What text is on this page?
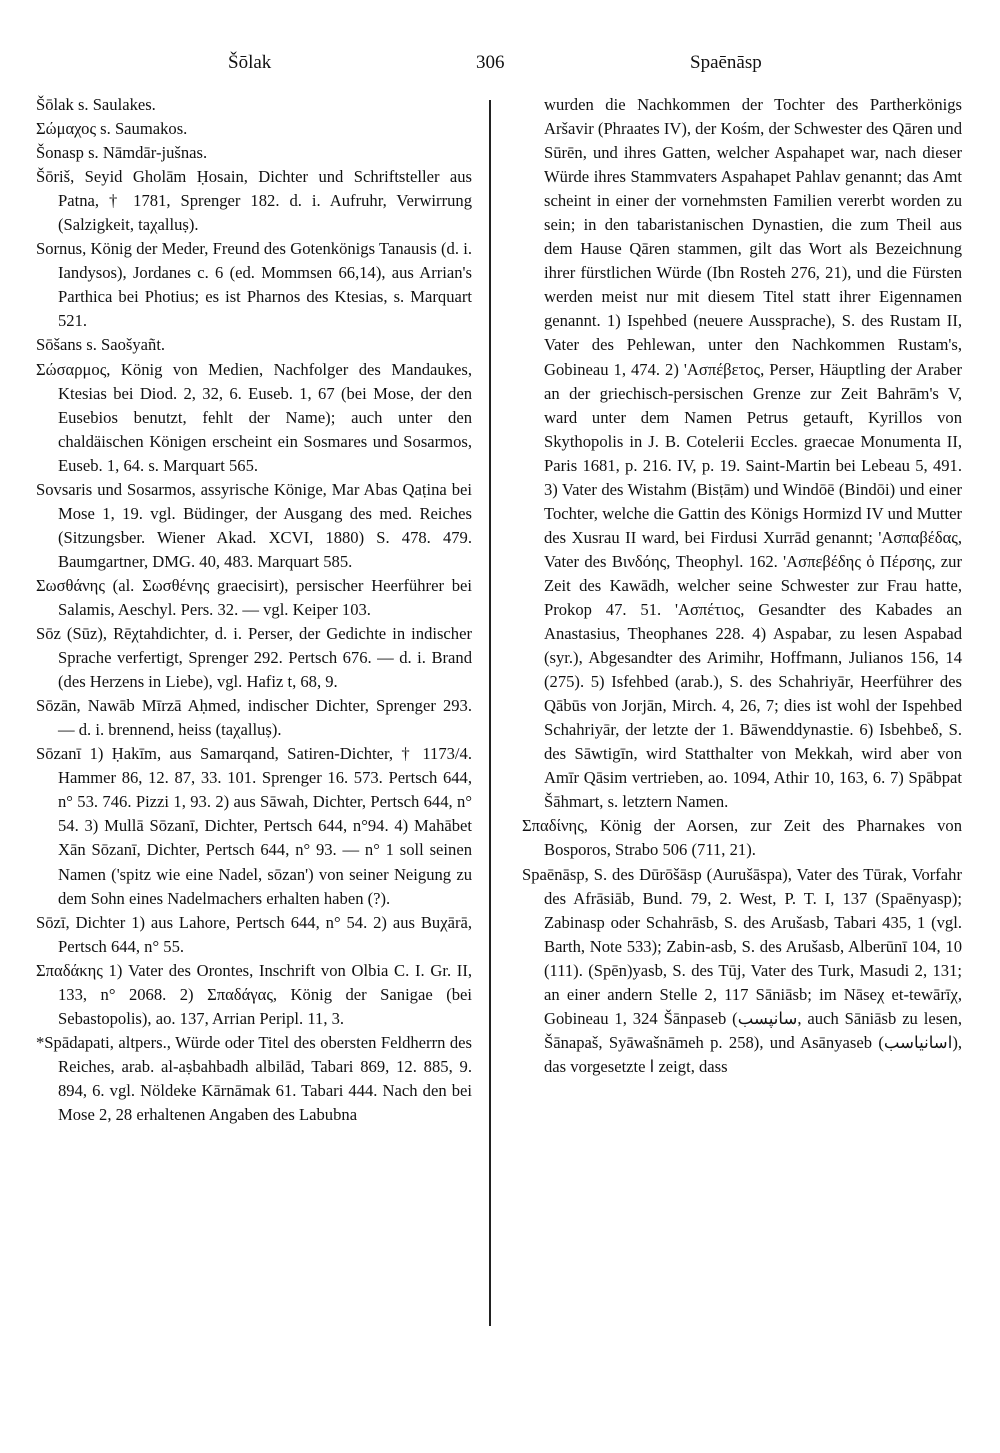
Šōlak	306	Spaēnāsp

Šōlak s. Saulakes.

Σώμαχος s. Saumakos.

Šonasp s. Nāmdār-jušnas.

Šōriš, Seyid Gholām Ḥosain, Dichter und Schriftsteller aus Patna, † 1781, Sprenger 182. d. i. Aufruhr, Verwirrung (Salzigkeit, taχalluṣ).

Sornus, König der Meder, Freund des Gotenkönigs Tanausis (d. i. Iandysos), Jordanes c. 6 (ed. Mommsen 66,14), aus Arrian's Parthica bei Photius; es ist Pharnos des Ktesias, s. Marquart 521.

Sōšans s. Saošyañt.

Σώσαρμος, König von Medien, Nachfolger des Mandaukes, Ktesias bei Diod. 2, 32, 6. Euseb. 1, 67 (bei Mose, der den Eusebios benutzt, fehlt der Name); auch unter den chaldäischen Königen erscheint ein Sosmares und Sosarmos, Euseb. 1, 64. s. Marquart 565.

Sovsaris und Sosarmos, assyrische Könige, Mar Abas Qaṭina bei Mose 1, 19. vgl. Büdinger, der Ausgang des med. Reiches (Sitzungsber. Wiener Akad. XCVI, 1880) S. 478. 479. Baumgartner, DMG. 40, 483. Marquart 585.

Σωσθάνης (al. Σωσθένης graecisirt), persischer Heerführer bei Salamis, Aeschyl. Pers. 32. — vgl. Keiper 103.

Sōz (Sūz), Rēχtahdichter, d. i. Perser, der Gedichte in indischer Sprache verfertigt, Sprenger 292. Pertsch 676. — d. i. Brand (des Herzens in Liebe), vgl. Hafiz t, 68, 9.

Sōzān, Nawāb Mīrzā Aḥmed, indischer Dichter, Sprenger 293. — d. i. brennend, heiss (taχalluṣ).

Sōzanī 1) Ḥakīm, aus Samarqand, Satiren-Dichter, † 1173/4. Hammer 86, 12. 87, 33. 101. Sprenger 16. 573. Pertsch 644, n° 53. 746. Pizzi 1, 93. 2) aus Sāwah, Dichter, Pertsch 644, n° 54. 3) Mullā Sōzanī, Dichter, Pertsch 644, n°94. 4) Mahābet Xān Sōzanī, Dichter, Pertsch 644, n° 93. — n° 1 soll seinen Namen ('spitz wie eine Nadel, sōzan') von seiner Neigung zu dem Sohn eines Nadelmachers erhalten haben (?).

Sōzī, Dichter 1) aus Lahore, Pertsch 644, n° 54. 2) aus Buχārā, Pertsch 644, n° 55.

Σπαδάκης 1) Vater des Orontes, Inschrift von Olbia C. I. Gr. II, 133, n° 2068. 2) Σπαδάγας, König der Sanigae (bei Sebastopolis), ao. 137, Arrian Peripl. 11, 3.

*Spādapati, altpers., Würde oder Titel des obersten Feldherrn des Reiches, arab. al-aṣbahbadh albilād, Tabari 869, 12. 885, 9. 894, 6. vgl. Nöldeke Kārnāmak 61. Tabari 444. Nach den bei Mose 2, 28 erhaltenen Angaben des Labubna

wurden die Nachkommen der Tochter des Partherkönigs Aršavir (Phraates IV), der Kośm, der Schwester des Qāren und Sūrēn, und ihres Gatten, welcher Aspahapet war, nach dieser Würde ihres Stammvaters Aspahapet Pahlav genannt; das Amt scheint in einer der vornehmsten Familien vererbt worden zu sein; in den tabaristanischen Dynastien, die zum Theil aus dem Hause Qāren stammen, gilt das Wort als Bezeichnung ihrer fürstlichen Würde (Ibn Rosteh 276, 21), und die Fürsten werden meist nur mit diesem Titel statt ihrer Eigennamen genannt. 1) Ispehbed (neuere Aussprache), S. des Rustam II, Vater des Pehlewan, unter den Nachkommen Rustam's, Gobineau 1, 474. 2) 'Ασπέβετος, Perser, Häuptling der Araber an der griechisch-persischen Grenze zur Zeit Bahrām's V, ward unter dem Namen Petrus getauft, Kyrillos von Skythopolis in J. B. Cotelerii Eccles. graecae Monumenta II, Paris 1681, p. 216. IV, p. 19. Saint-Martin bei Lebeau 5, 491. 3) Vater des Wistahm (Bisṭām) und Windōē (Bindōi) und einer Tochter, welche die Gattin des Königs Hormizd IV und Mutter des Xusrau II ward, bei Firdusi Xurrād genannt; 'Ασπαβέδας, Vater des Βινδόης, Theophyl. 162. 'Ασπεβέδης ὁ Πέρσης, zur Zeit des Kawādh, welcher seine Schwester zur Frau hatte, Prokop 47. 51. 'Ασπέτιος, Gesandter des Kabades an Anastasius, Theophanes 228. 4) Aspabar, zu lesen Aspabad (syr.), Abgesandter des Arimihr, Hoffmann, Julianos 156, 14 (275). 5) Isfehbed (arab.), S. des Schahriyār, Heerführer des Qābūs von Jorjān, Mirch. 4, 26, 7; dies ist wohl der Ispehbed Schahriyār, der letzte der 1. Bāwenddynastie. 6) Isbehbeδ, S. des Sāwtigīn, wird Statthalter von Mekkah, wird aber von Amīr Qāsim vertrieben, ao. 1094, Athir 10, 163, 6. 7) Spābpat Šāhmart, s. letztern Namen.

Σπαδίνης, König der Aorsen, zur Zeit des Pharnakes von Bosporos, Strabo 506 (711, 21).

Spaēnāsp, S. des Dūrōšāsp (Aurušāspa), Vater des Tūrak, Vorfahr des Afrāsiāb, Bund. 79, 2. West, P. T. I, 137 (Spaēnyasp); Zabinasp oder Schahrāsb, S. des Arušasb, Tabari 435, 1 (vgl. Barth, Note 533); Zabin-asb, S. des Arušasb, Alberūnī 104, 10 (111). (Spēn)yasb, S. des Tūj, Vater des Turk, Masudi 2, 131; an einer andern Stelle 2, 117 Sāniāsb; im Nāseχ et-tewārīχ, Gobineau 1, 324 Šānpaseb (سانپسب, auch Sāniāsb zu lesen, Šānapaš, Syāwašnāmeh p. 258), und Asānyaseb (اسانیاسب), das vorgesetzte ا zeigt, dass
